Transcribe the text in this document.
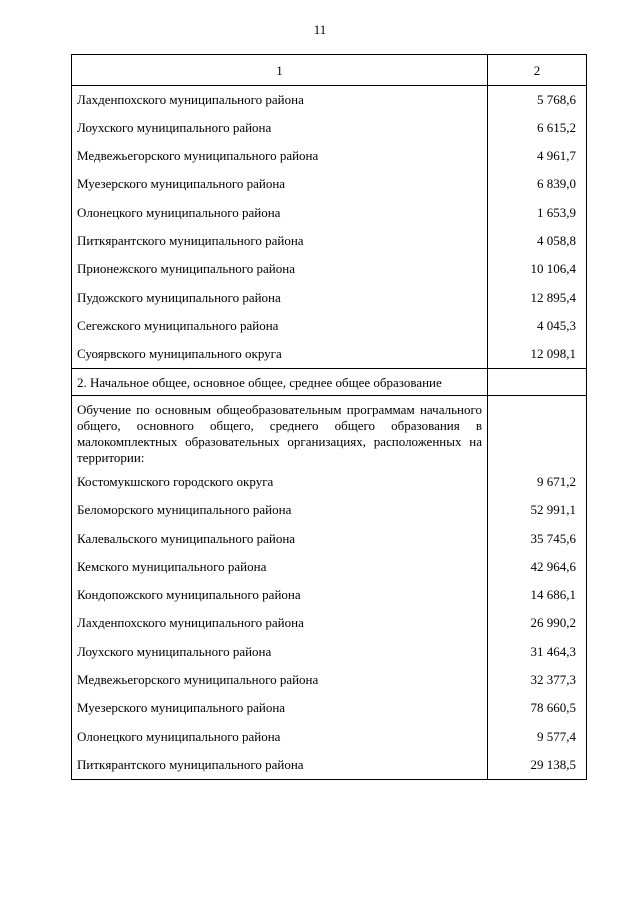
11
1	2
Лахденпохского муниципального района	5 768,6
Лоухского муниципального района	6 615,2
Медвежьегорского муниципального района	4 961,7
Муезерского муниципального района	6 839,0
Олонецкого муниципального района	1 653,9
Питкярантского муниципального района	4 058,8
Прионежского муниципального района	10 106,4
Пудожского муниципального района	12 895,4
Сегежского муниципального района	4 045,3
Суоярвского муниципального округа	12 098,1
2. Начальное общее, основное общее, среднее общее образование	
Обучение по основным общеобразовательным программам начального общего, основного общего, среднего общего образования в малокомплектных образовательных организациях, расположенных на территории:	
Костомукшского городского округа	9 671,2
Беломорского муниципального района	52 991,1
Калевальского муниципального района	35 745,6
Кемского муниципального района	42 964,6
Кондопожского муниципального района	14 686,1
Лахденпохского муниципального района	26 990,2
Лоухского муниципального района	31 464,3
Медвежьегорского муниципального района	32 377,3
Муезерского муниципального района	78 660,5
Олонецкого муниципального района	9 577,4
Питкярантского муниципального района	29 138,5
